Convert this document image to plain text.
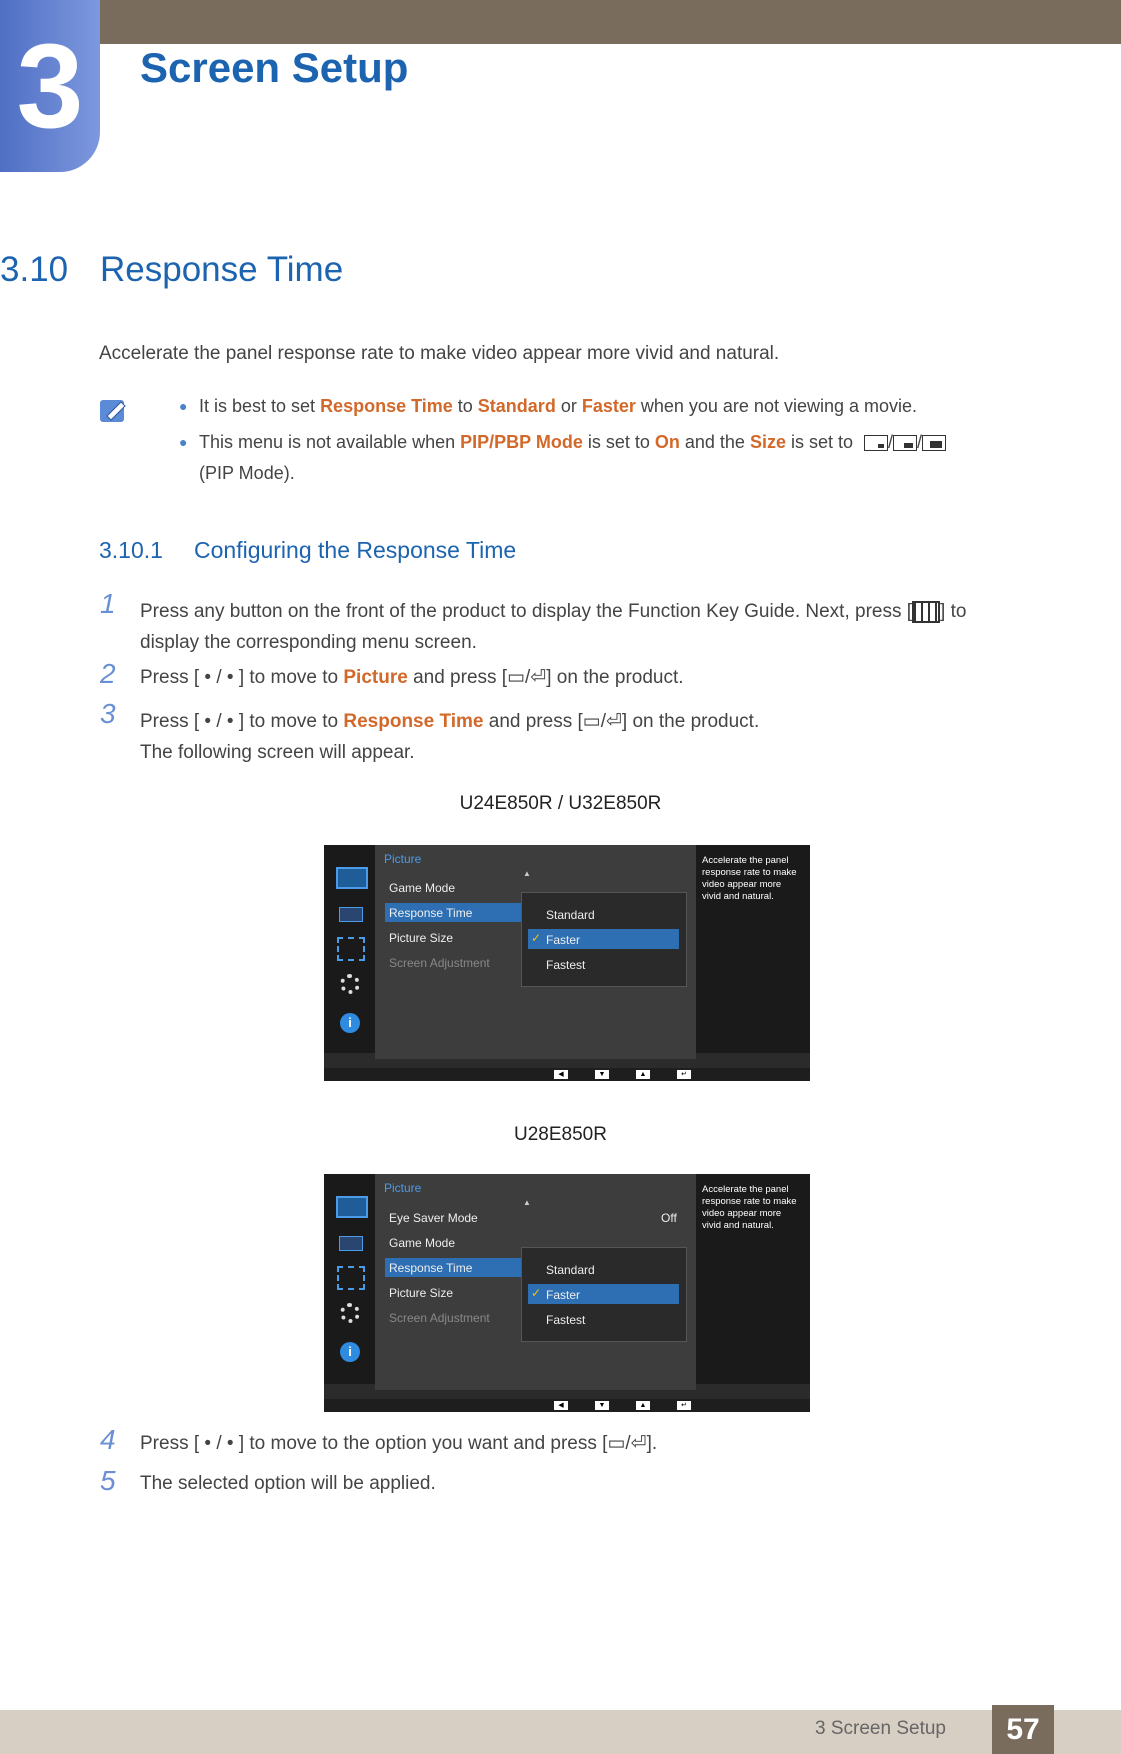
3	Screen Setup
3.10 Response Time
Accelerate the panel response rate to make video appear more vivid and natural.
● It is best to set Response Time to Standard or Faster when you are not viewing a movie.
● This menu is not available when PIP/PBP Mode is set to On and the Size is set to / /
(PIP Mode).
3.10.1 Configuring the Response Time
1 Press any button on the front of the product to display the Function Key Guide. Next, press [ ] to
display the corresponding menu screen.
2 Press [ • / • ] to move to Picture and press [▭/⏎] on the product.
3 Press [ • / • ] to move to Response Time and press [▭/⏎] on the product.
The following screen will appear.
U24E850R / U32E850R
i
Picture
▲
Game Mode
Response Time
Picture Size
Screen Adjustment
Standard
✓ Faster
Fastest
Accelerate the panel
response rate to make
video appear more
vivid and natural.
◀	▼	▲	↵
U28E850R
i
Picture
▲
Eye Saver Mode	Off
Game Mode
Response Time
Picture Size
Screen Adjustment
Standard
✓ Faster
Fastest
Accelerate the panel
response rate to make
video appear more
vivid and natural.
◀	▼	▲	↵
4 Press [ • / • ] to move to the option you want and press [▭/⏎].
5 The selected option will be applied.
3 Screen Setup	57
